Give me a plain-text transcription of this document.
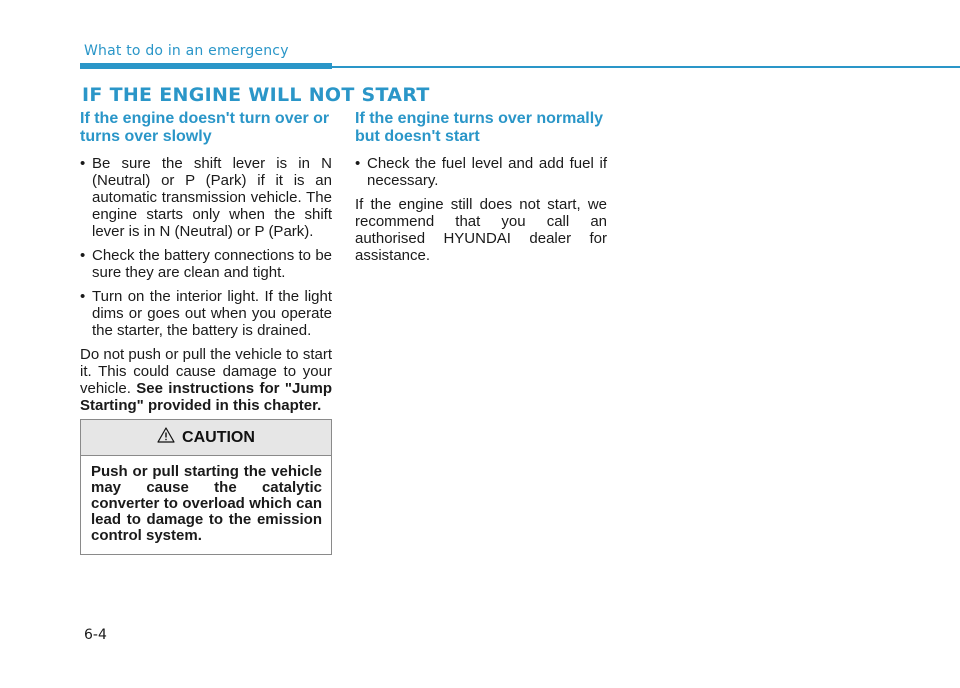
What to do in an emergency
IF THE ENGINE WILL NOT START
If the engine doesn't turn over or turns over slowly
• Be sure the shift lever is in N (Neutral) or P (Park) if it is an automatic transmission vehicle. The engine starts only when the shift lever is in N (Neutral) or P (Park).
• Check the battery connections to be sure they are clean and tight.
• Turn on the interior light. If the light dims or goes out when you operate the starter, the battery is drained.

Do not push or pull the vehicle to start it. This could cause damage to your vehicle. See instructions for "Jump Starting" provided in this chapter.

If the engine turns over normally but doesn't start
• Check the fuel level and add fuel if necessary.

If the engine still does not start, we recommend that you call an authorised HYUNDAI dealer for assistance.

CAUTION
Push or pull starting the vehicle may cause the catalytic converter to overload which can lead to damage to the emission control system.
6-4
